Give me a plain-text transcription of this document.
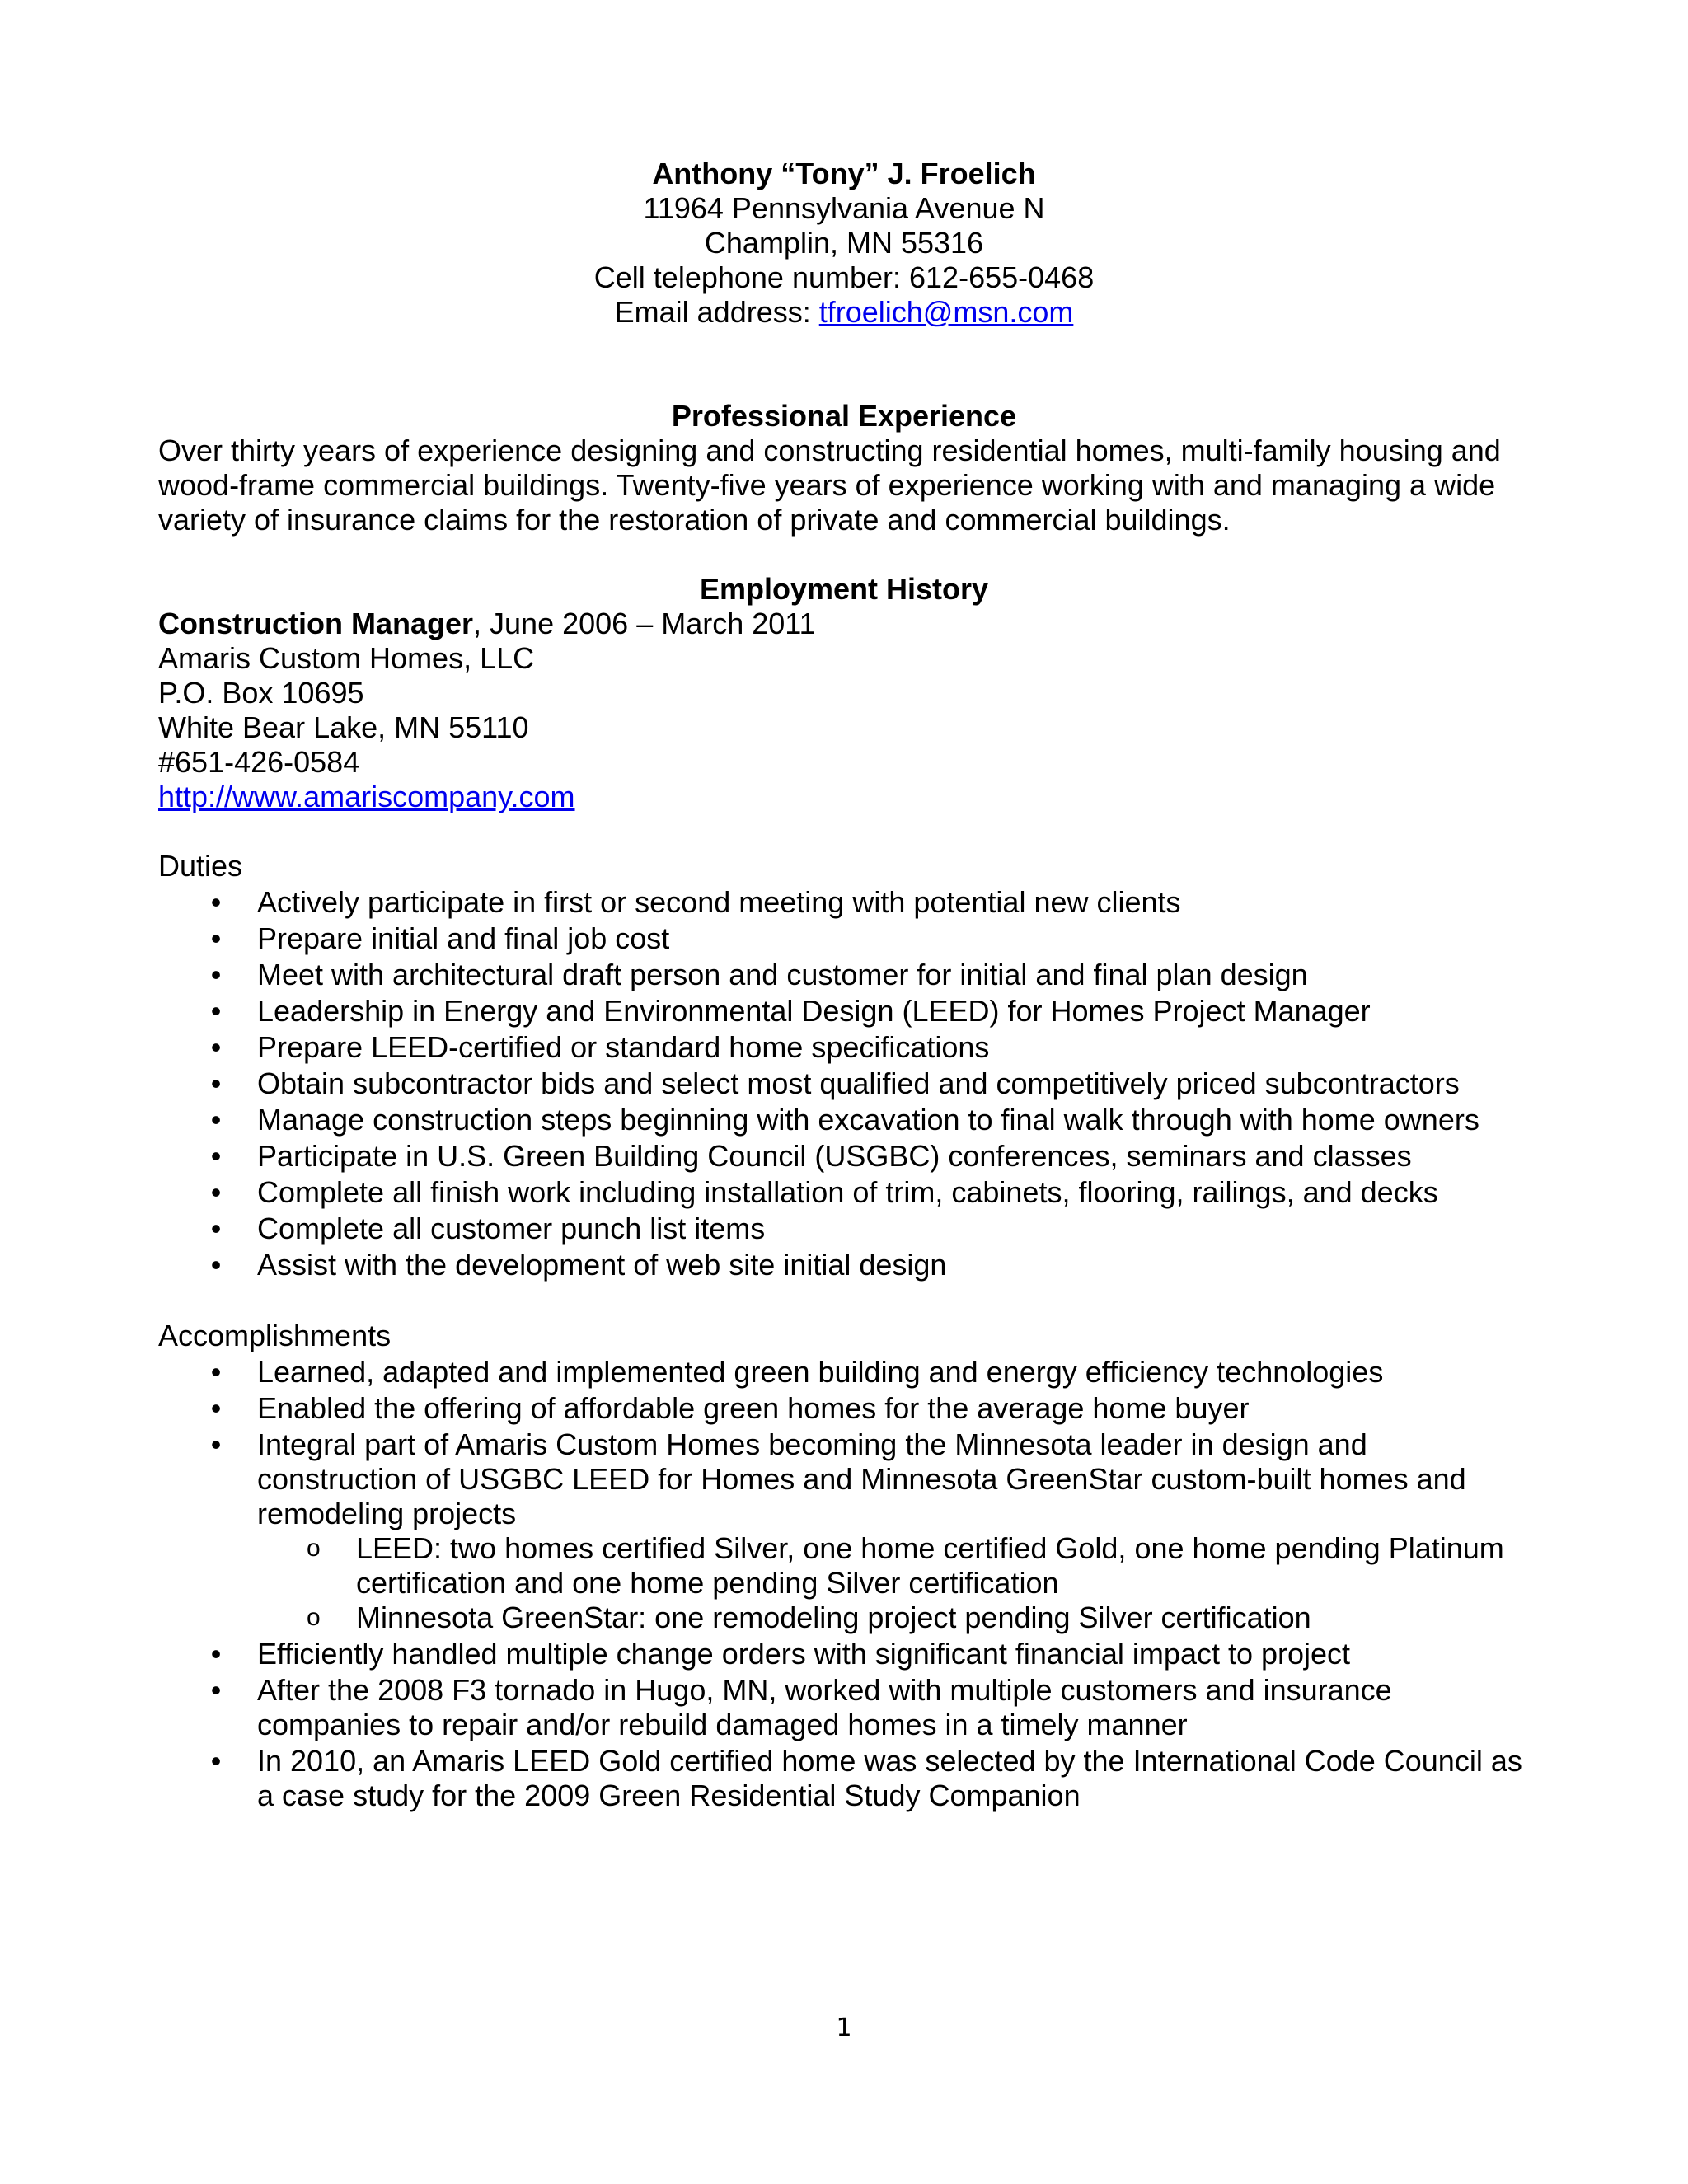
Anthony “Tony” J. Froelich
11964 Pennsylvania Avenue N
Champlin, MN 55316
Cell telephone number: 612-655-0468
Email address: tfroelich@msn.com

Professional Experience

Over thirty years of experience designing and constructing residential homes, multi-family housing and wood-frame commercial buildings. Twenty-five years of experience working with and managing a wide variety of insurance claims for the restoration of private and commercial buildings.

Employment History

Construction Manager, June 2006 – March 2011
Amaris Custom Homes, LLC
P.O. Box 10695
White Bear Lake, MN 55110
#651-426-0584
http://www.amariscompany.com
Duties
• Actively participate in first or second meeting with potential new clients
• Prepare initial and final job cost
• Meet with architectural draft person and customer for initial and final plan design
• Leadership in Energy and Environmental Design (LEED) for Homes Project Manager
• Prepare LEED-certified or standard home specifications
• Obtain subcontractor bids and select most qualified and competitively priced subcontractors
• Manage construction steps beginning with excavation to final walk through with home owners
• Participate in U.S. Green Building Council (USGBC) conferences, seminars and classes
• Complete all finish work including installation of trim, cabinets, flooring, railings, and decks
• Complete all customer punch list items
• Assist with the development of web site initial design
Accomplishments
• Learned, adapted and implemented green building and energy efficiency technologies
• Enabled the offering of affordable green homes for the average home buyer
• Integral part of Amaris Custom Homes becoming the Minnesota leader in design and construction of USGBC LEED for Homes and Minnesota GreenStar custom-built homes and remodeling projects
o LEED: two homes certified Silver, one home certified Gold, one home pending Platinum certification and one home pending Silver certification
o Minnesota GreenStar: one remodeling project pending Silver certification
• Efficiently handled multiple change orders with significant financial impact to project
• After the 2008 F3 tornado in Hugo, MN, worked with multiple customers and insurance companies to repair and/or rebuild damaged homes in a timely manner
• In 2010, an Amaris LEED Gold certified home was selected by the International Code Council as a case study for the 2009 Green Residential Study Companion
1
